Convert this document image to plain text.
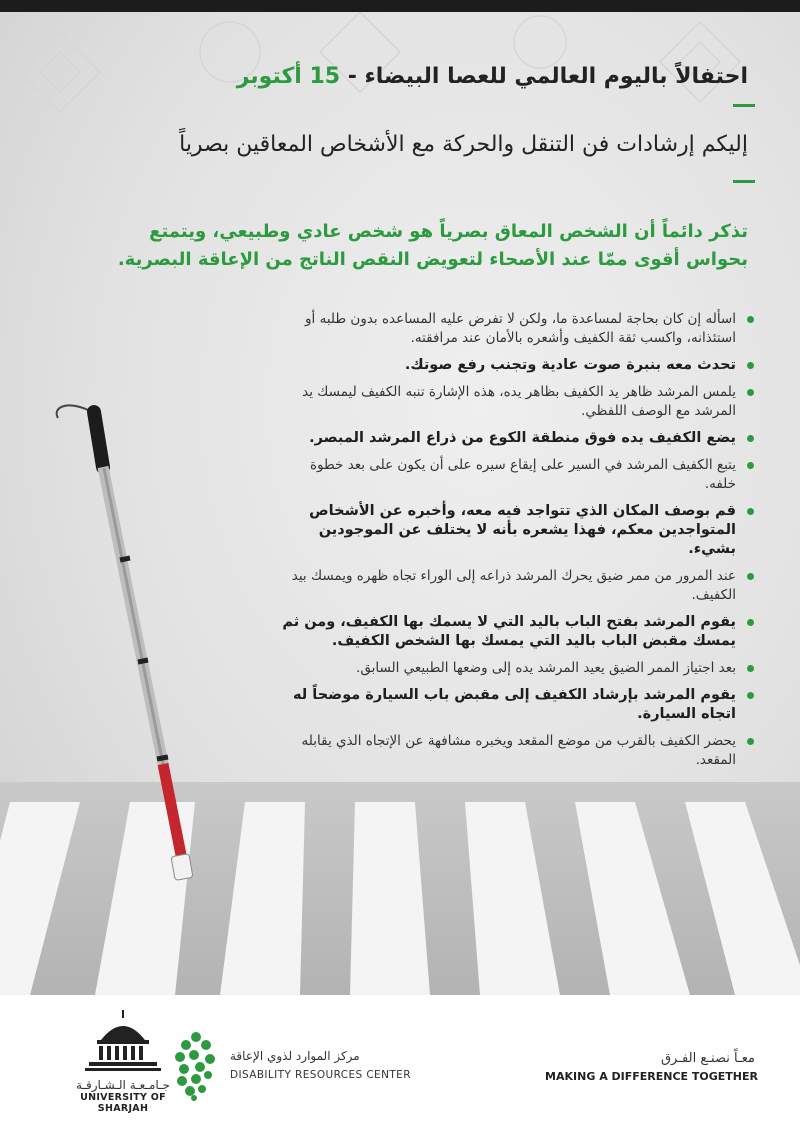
احتفالاً باليوم العالمي للعصا البيضاء - 15 أكتوبر
إليكم إرشادات فن التنقل والحركة مع الأشخاص المعاقين بصرياً
تذكر دائماً أن الشخص المعاق بصرياً هو شخص عادي وطبيعي، ويتمتع
بحواس أقوى ممّا عند الأصحاء لتعويض النقص الناتج من الإعاقة البصرية.
اسأله إن كان بحاجة لمساعدة ما، ولكن لا تفرض عليه المساعده بدون طلبه أو استئذانه، واكسب ثقة الكفيف وأشعره بالأمان عند مرافقته.
تحدث معه بنبرة صوت عادية وتجنب رفع صوتك.
يلمس المرشد ظاهر يد الكفيف بظاهر يده، هذه الإشارة تنبه الكفيف ليمسك يد المرشد مع الوصف اللفظي.
يضع الكفيف يده فوق منطقة الكوع من ذراع المرشد المبصر.
يتبع الكفيف المرشد في السير على إيقاع سيره على أن يكون على بعد خطوة خلفه.
قم بوصف المكان الذي تتواجد فيه معه، وأخبره عن الأشخاص المتواجدين معكم، فهذا يشعره بأنه لا يختلف عن الموجودين بشيء.
عند المرور من ممر ضيق يحرك المرشد ذراعه إلى الوراء تجاه ظهره ويمسك بيد الكفيف.
يقوم المرشد بفتح الباب باليد التي لا يسمك بها الكفيف، ومن ثم يمسك مقبض الباب باليد التي يمسك بها الشخص الكفيف.
بعد اجتياز الممر الضيق يعيد المرشد يده إلى وضعها الطبيعي السابق.
يقوم المرشد بإرشاد الكفيف إلى مقبض باب السيارة موضحاً له اتجاه السيارة.
يحضر الكفيف بالقرب من موضع المقعد ويخبره مشافهة عن الإتجاه الذي يقابله المقعد.
جـامـعـة الـشـارقـة
UNIVERSITY OF SHARJAH
مركز الموارد لذوي الإعاقة
DISABILITY RESOURCES CENTER
معـاً نصنـع الفـرق
MAKING A DIFFERENCE TOGETHER
